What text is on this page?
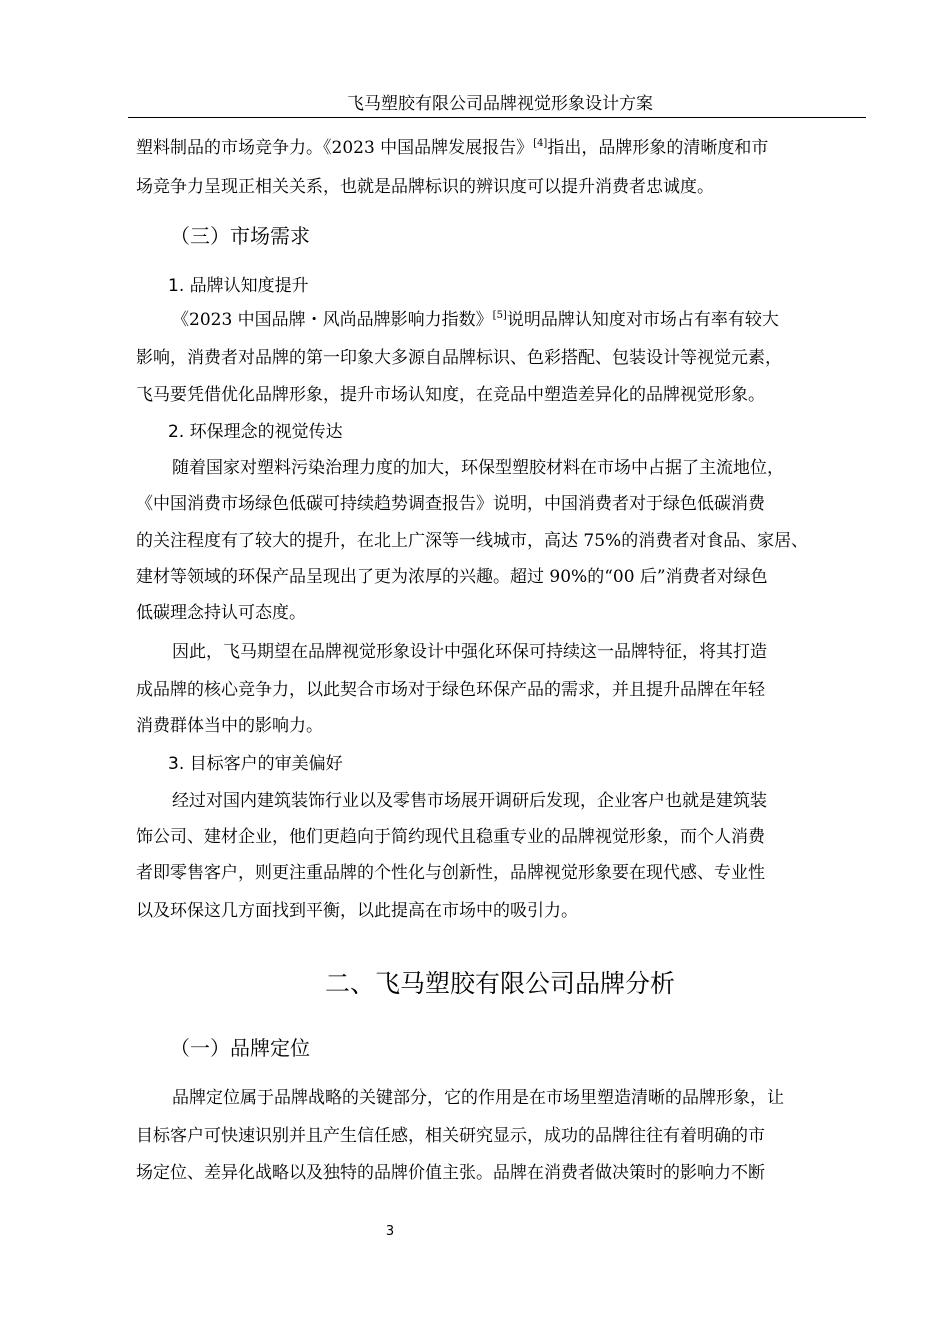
飞马塑胶有限公司品牌视觉形象设计方案
塑料制品的市场竞争力。《2023 中国品牌发展报告》[4]指出，品牌形象的清晰度和市
场竞争力呈现正相关关系，也就是品牌标识的辨识度可以提升消费者忠诚度。
（三）市场需求
1. 品牌认知度提升
《2023 中国品牌・风尚品牌影响力指数》[5]说明品牌认知度对市场占有率有较大
影响，消费者对品牌的第一印象大多源自品牌标识、色彩搭配、包装设计等视觉元素，
飞马要凭借优化品牌形象，提升市场认知度，在竞品中塑造差异化的品牌视觉形象。
2. 环保理念的视觉传达
随着国家对塑料污染治理力度的加大，环保型塑胶材料在市场中占据了主流地位，
《中国消费市场绿色低碳可持续趋势调查报告》说明，中国消费者对于绿色低碳消费
的关注程度有了较大的提升，在北上广深等一线城市，高达 75%的消费者对食品、家居、
建材等领域的环保产品呈现出了更为浓厚的兴趣。超过 90%的“00 后”消费者对绿色
低碳理念持认可态度。
因此，飞马期望在品牌视觉形象设计中强化环保可持续这一品牌特征，将其打造
成品牌的核心竞争力，以此契合市场对于绿色环保产品的需求，并且提升品牌在年轻
消费群体当中的影响力。
3. 目标客户的审美偏好
经过对国内建筑装饰行业以及零售市场展开调研后发现，企业客户也就是建筑装
饰公司、建材企业，他们更趋向于简约现代且稳重专业的品牌视觉形象，而个人消费
者即零售客户，则更注重品牌的个性化与创新性，品牌视觉形象要在现代感、专业性
以及环保这几方面找到平衡，以此提高在市场中的吸引力。
二、飞马塑胶有限公司品牌分析
（一）品牌定位
品牌定位属于品牌战略的关键部分，它的作用是在市场里塑造清晰的品牌形象，让
目标客户可快速识别并且产生信任感，相关研究显示，成功的品牌往往有着明确的市
场定位、差异化战略以及独特的品牌价值主张。品牌在消费者做决策时的影响力不断
3
